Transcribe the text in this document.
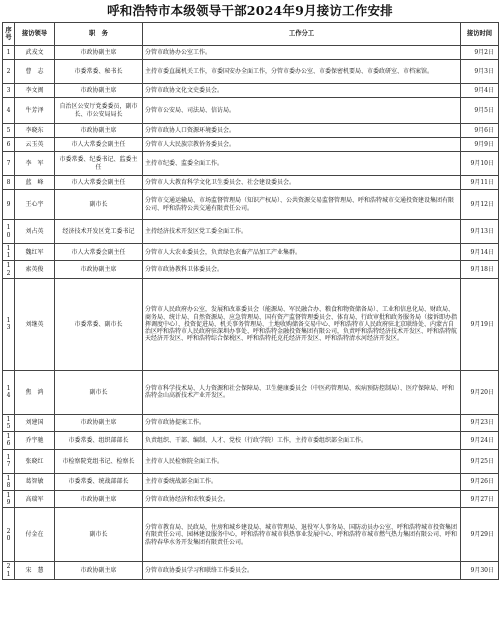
呼和浩特市本级领导干部2024年9月接访工作安排
序号	接访领导	职　务	工作分工	接访时间
1	武戎文	市政协副主席	分管市政协办公室工作。	9月2日
2	曹　志	市委常委、秘书长	主持市委直属机关工作，市委国安办全面工作，分管市委办公室、市委保密机要局、市委政研室、市档案馆。	9月3日
3	李文闽	市政协副主席	分管市政协文化文史委员会。	9月4日
4	牛芳泽	自治区公安厅党委委员，副市长、市公安局局长	分管市公安局、司法局、信访局。	9月5日
5	李晓东	市政协副主席	分管市政协人口资源环境委员会。	9月6日
6	云玉英	市人大常委会副主任	分管市人大民族宗教侨务委员会。	9月9日
7	李　军	市委常委、纪委书记、监委主任	主持市纪委、监委全面工作。	9月10日
8	蓝　峰	市人大常委会副主任	分管市人大教育科学文化卫生委员会、社会建设委员会。	9月11日
9	王心宇	副市长	分管市交通运输局、市场监督管理局（知识产权局）、公共资源交易监督管理局、呼和浩特城市交通投资建设集团有限公司、呼和浩特公共交通有限责任公司。	9月12日
10	刘占英	经济技术开发区党工委书记	主持经济技术开发区党工委全面工作。	9月13日
11	魏红军	市人大常委会副主任	分管市人大农业委员会，负责绿色农畜产品加工产业集群。	9月14日
12	索英俊	市政协副主席	分管市政协教科卫体委员会。	9月18日
13	刘继英	市委常委、副市长	分管市人民政府办公室，发展和改革委员会（能源局、军民融合办、粮食和物资储备局）、工业和信息化局、财政局、商务局、统计局、自然资源局、应急管理局、国有资产监督管理委员会、体育局、行政审批和政务服务局（接诉即办指挥调度中心）、投资促进局、机关事务管理局、土地收购储备交易中心、呼和浩特市人民政府驻北京联络处、内蒙古自治区呼和浩特市人民政府驻深圳办事处、呼和浩特金融投资集团有限公司，负责呼和浩特经济技术开发区、呼和浩特航天经济开发区、呼和浩特综合保税区、呼和浩特托克托经济开发区、呼和浩特清水河经济开发区。	9月19日
14	焦　鸿	副市长	分管市科学技术局、人力资源和社会保障局、卫生健康委员会（中医药管理局、疾病预防控制局）、医疗保障局、呼和浩特金山高新技术产业开发区。	9月20日
15	刘建国	市政协副主席	分管市政协提案工作。	9月23日
16	乔宇驰	市委常委、组织部部长	负责组织、干部、编制、人才、党校（行政学院）工作，主持市委组织部全面工作。	9月24日
17	张晓红	市检察院党组书记、检察长	主持市人民检察院全面工作。	9月25日
18	葛智敏	市委常委、统战部部长	主持市委统战部全面工作。	9月26日
19	高瑞军	市政协副主席	分管市政协经济和农牧委员会。	9月27日
20	付金在	副市长	分管市教育局、民政局，住房和城乡建设局、城市管理局、退役军人事务局、国防动员办公室、呼和浩特城市投资集团有限责任公司、园林建设服务中心，呼和浩特市城市供热事业发展中心、呼和浩特市城市燃气热力集团有限公司、呼和浩特春华水务开发集团有限责任公司。	9月29日
21	宋　慧	市政协副主席	分管市政协委员学习和联络工作委员会。	9月30日
